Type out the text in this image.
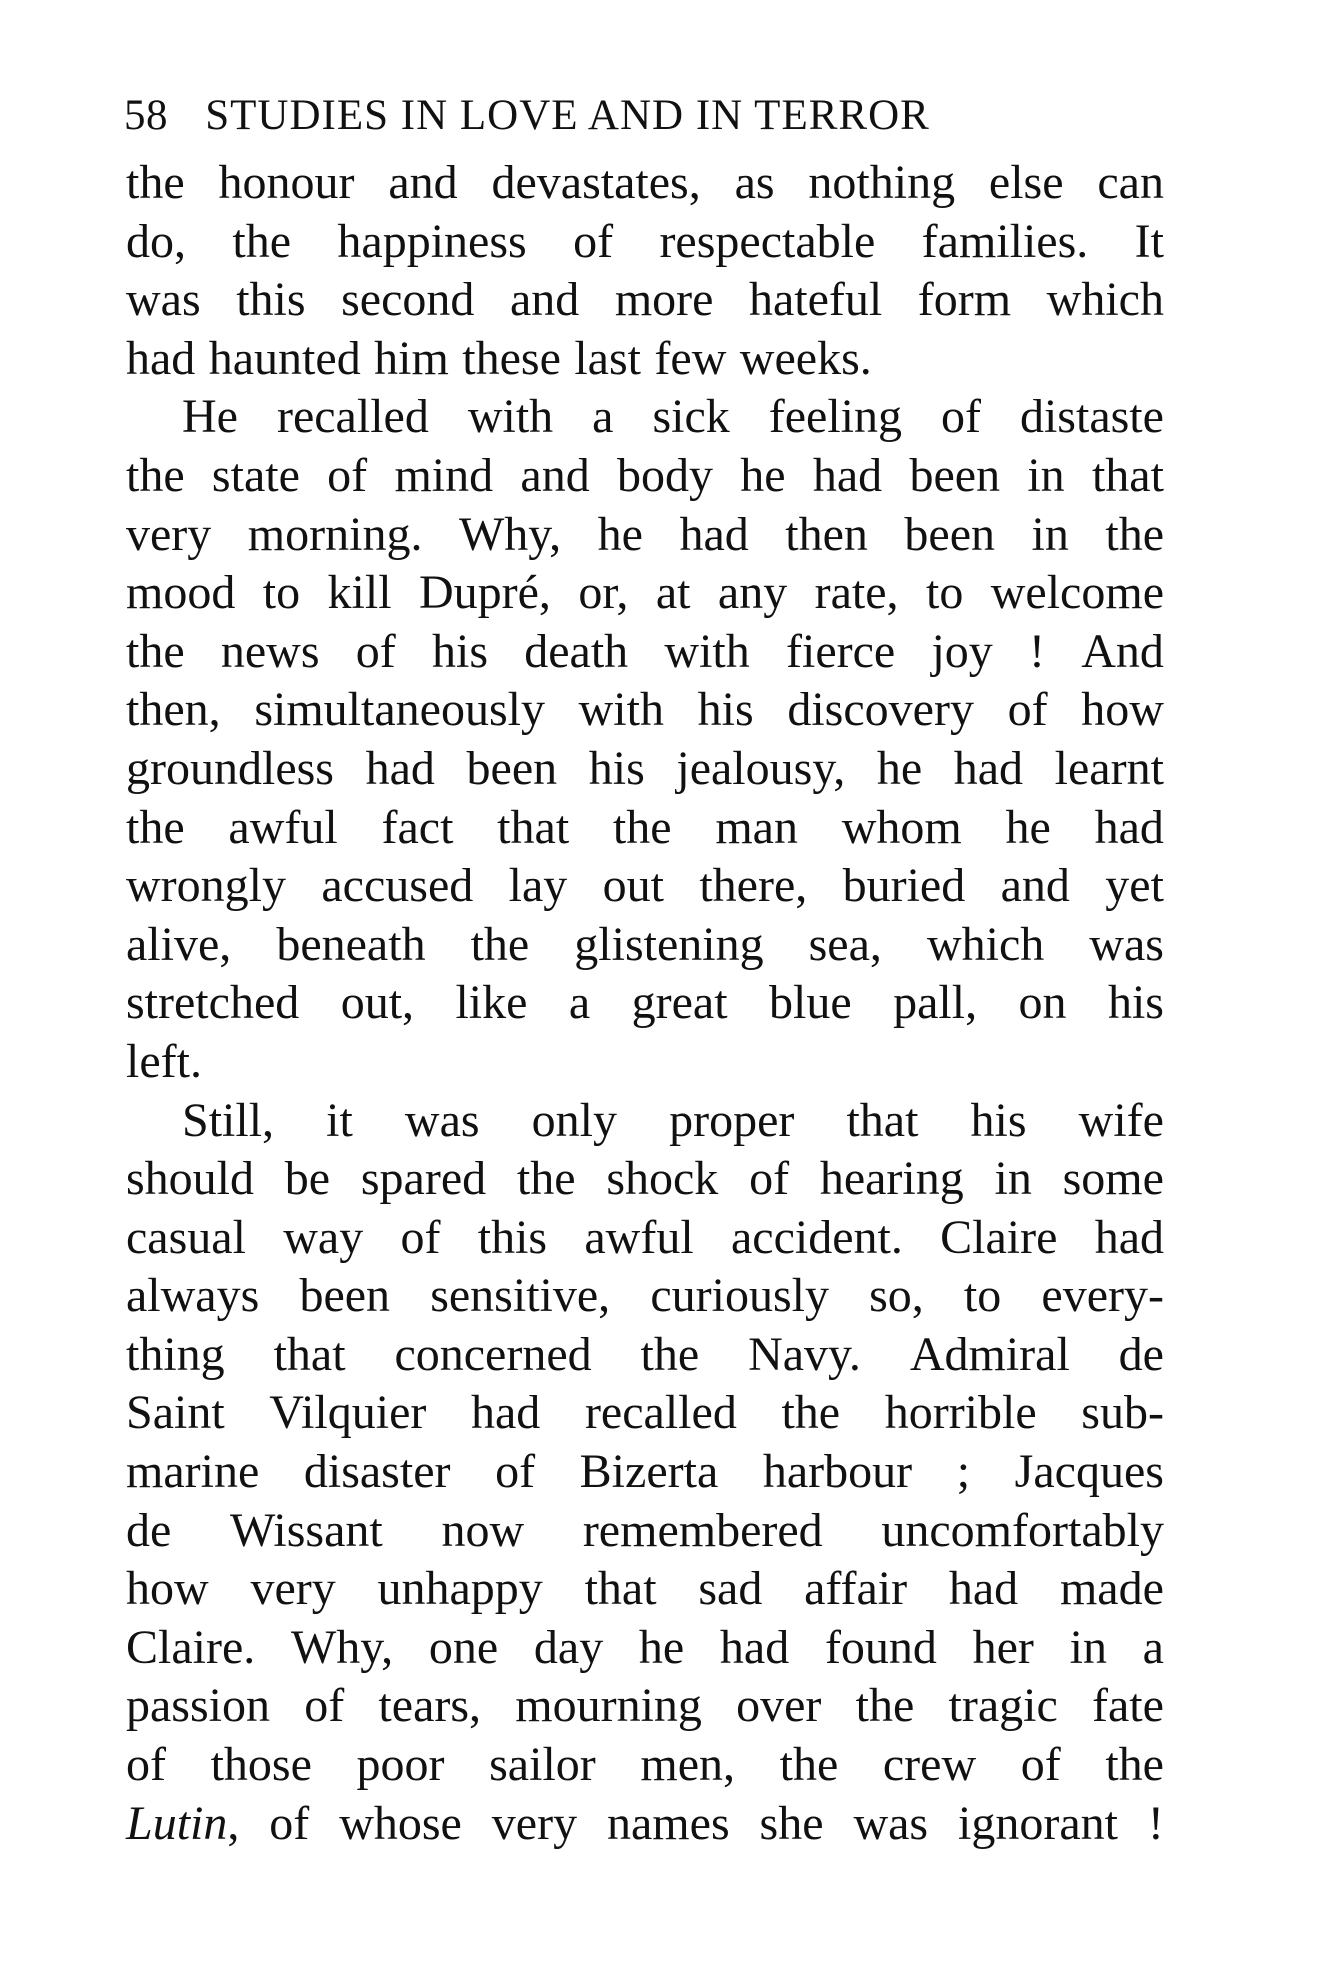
58 STUDIES IN LOVE AND IN TERROR
the honour and devastates, as nothing else can
do, the happiness of respectable families. It
was this second and more hateful form which
had haunted him these last few weeks.
He recalled with a sick feeling of distaste
the state of mind and body he had been in that
very morning. Why, he had then been in the
mood to kill Dupré, or, at any rate, to welcome
the news of his death with fierce joy ! And
then, simultaneously with his discovery of how
groundless had been his jealousy, he had learnt
the awful fact that the man whom he had
wrongly accused lay out there, buried and yet
alive, beneath the glistening sea, which was
stretched out, like a great blue pall, on his
left.
Still, it was only proper that his wife
should be spared the shock of hearing in some
casual way of this awful accident. Claire had
always been sensitive, curiously so, to every-
thing that concerned the Navy. Admiral de
Saint Vilquier had recalled the horrible sub-
marine disaster of Bizerta harbour ; Jacques
de Wissant now remembered uncomfortably
how very unhappy that sad affair had made
Claire. Why, one day he had found her in a
passion of tears, mourning over the tragic fate
of those poor sailor men, the crew of the
Lutin, of whose very names she was ignorant !
